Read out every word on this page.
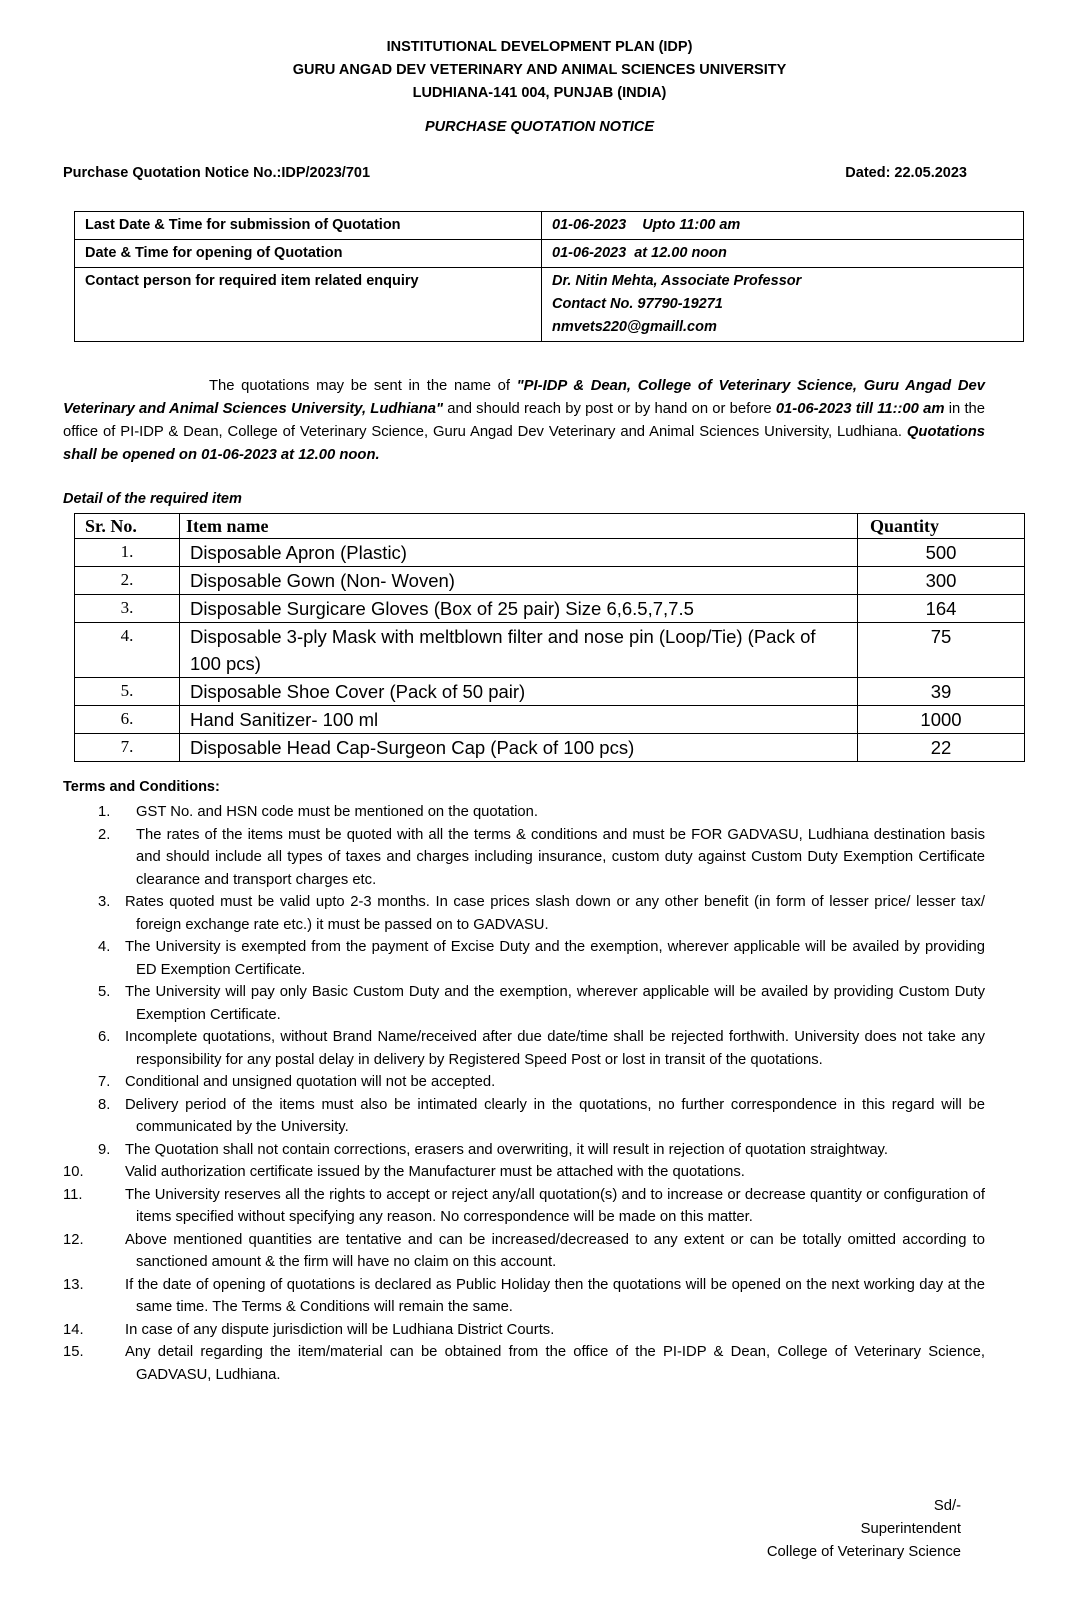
INSTITUTIONAL DEVELOPMENT PLAN (IDP)
GURU ANGAD DEV VETERINARY AND ANIMAL SCIENCES UNIVERSITY
LUDHIANA-141 004, PUNJAB (INDIA)
PURCHASE QUOTATION NOTICE
Purchase Quotation Notice No.:IDP/2023/701	Dated: 22.05.2023
Last Date & Time for submission of Quotation	01-06-2023    Upto 11:00 am
Date & Time for opening of Quotation	01-06-2023  at 12.00 noon
Contact person for required item related enquiry	Dr. Nitin Mehta, Associate Professor
Contact No. 97790-19271
nmvets220@gmaill.com
The quotations may be sent in the name of "PI-IDP & Dean, College of Veterinary Science, Guru Angad Dev Veterinary and Animal Sciences University, Ludhiana" and should reach by post or by hand on or before 01-06-2023 till 11::00 am in the office of PI-IDP & Dean, College of Veterinary Science, Guru Angad Dev Veterinary and Animal Sciences University, Ludhiana. Quotations shall be opened on 01-06-2023 at 12.00 noon.
Detail of the required item
Sr. No.	Item name	Quantity
1.	Disposable Apron (Plastic)	500
2.	Disposable Gown (Non- Woven)	300
3.	Disposable Surgicare Gloves (Box of 25 pair) Size 6,6.5,7,7.5	164
4.	Disposable 3-ply Mask with meltblown filter and nose pin (Loop/Tie) (Pack of 100 pcs)	75
5.	Disposable Shoe Cover (Pack of 50 pair)	39
6.	Hand Sanitizer- 100 ml	1000
7.	Disposable Head Cap-Surgeon Cap (Pack of 100 pcs)	22
Terms and Conditions:
1. GST No. and HSN code must be mentioned on the quotation.
2. The rates of the items must be quoted with all the terms & conditions and must be FOR GADVASU, Ludhiana destination basis and should include all types of taxes and charges including insurance, custom duty against Custom Duty Exemption Certificate clearance and transport charges etc.
3. Rates quoted must be valid upto 2-3 months. In case prices slash down or any other benefit (in form of lesser price/ lesser tax/ foreign exchange rate etc.) it must be passed on to GADVASU.
4. The University is exempted from the payment of Excise Duty and the exemption, wherever applicable will be availed by providing ED Exemption Certificate.
5. The University will pay only Basic Custom Duty and the exemption, wherever applicable will be availed by providing Custom Duty Exemption Certificate.
6. Incomplete quotations, without Brand Name/received after due date/time shall be rejected forthwith. University does not take any responsibility for any postal delay in delivery by Registered Speed Post or lost in transit of the quotations.
7. Conditional and unsigned quotation will not be accepted.
8. Delivery period of the items must also be intimated clearly in the quotations, no further correspondence in this regard will be communicated by the University.
9. The Quotation shall not contain corrections, erasers and overwriting, it will result in rejection of quotation straightway.
10.	Valid authorization certificate issued by the Manufacturer must be attached with the quotations.
11.	The University reserves all the rights to accept or reject any/all quotation(s) and to increase or decrease quantity or configuration of items specified without specifying any reason. No correspondence will be made on this matter.
12.	Above mentioned quantities are tentative and can be increased/decreased to any extent or can be totally omitted according to sanctioned amount & the firm will have no claim on this account.
13.	If the date of opening of quotations is declared as Public Holiday then the quotations will be opened on the next working day at the same time. The Terms & Conditions will remain the same.
14.	In case of any dispute jurisdiction will be Ludhiana District Courts.
15.	Any detail regarding the item/material can be obtained from the office of the PI-IDP & Dean, College of Veterinary Science, GADVASU, Ludhiana.
Sd/-
Superintendent
College of Veterinary Science
